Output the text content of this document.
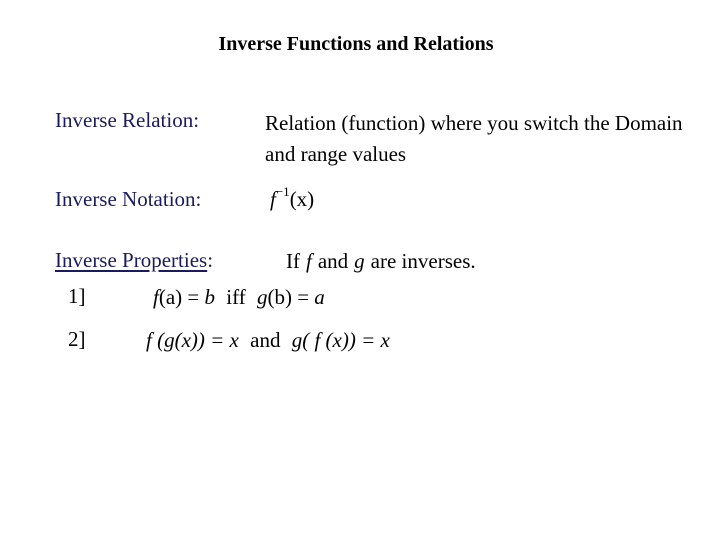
Inverse Functions and Relations
Inverse Relation:	Relation (function) where you switch the Domain and range values
Inverse Notation:	$f^{-1}(x)$
Inverse Properties:	If f and g are inverses.
1]	f(a) = b iff g(b) = a
2]	f (g(x)) = x and g( f (x)) = x
